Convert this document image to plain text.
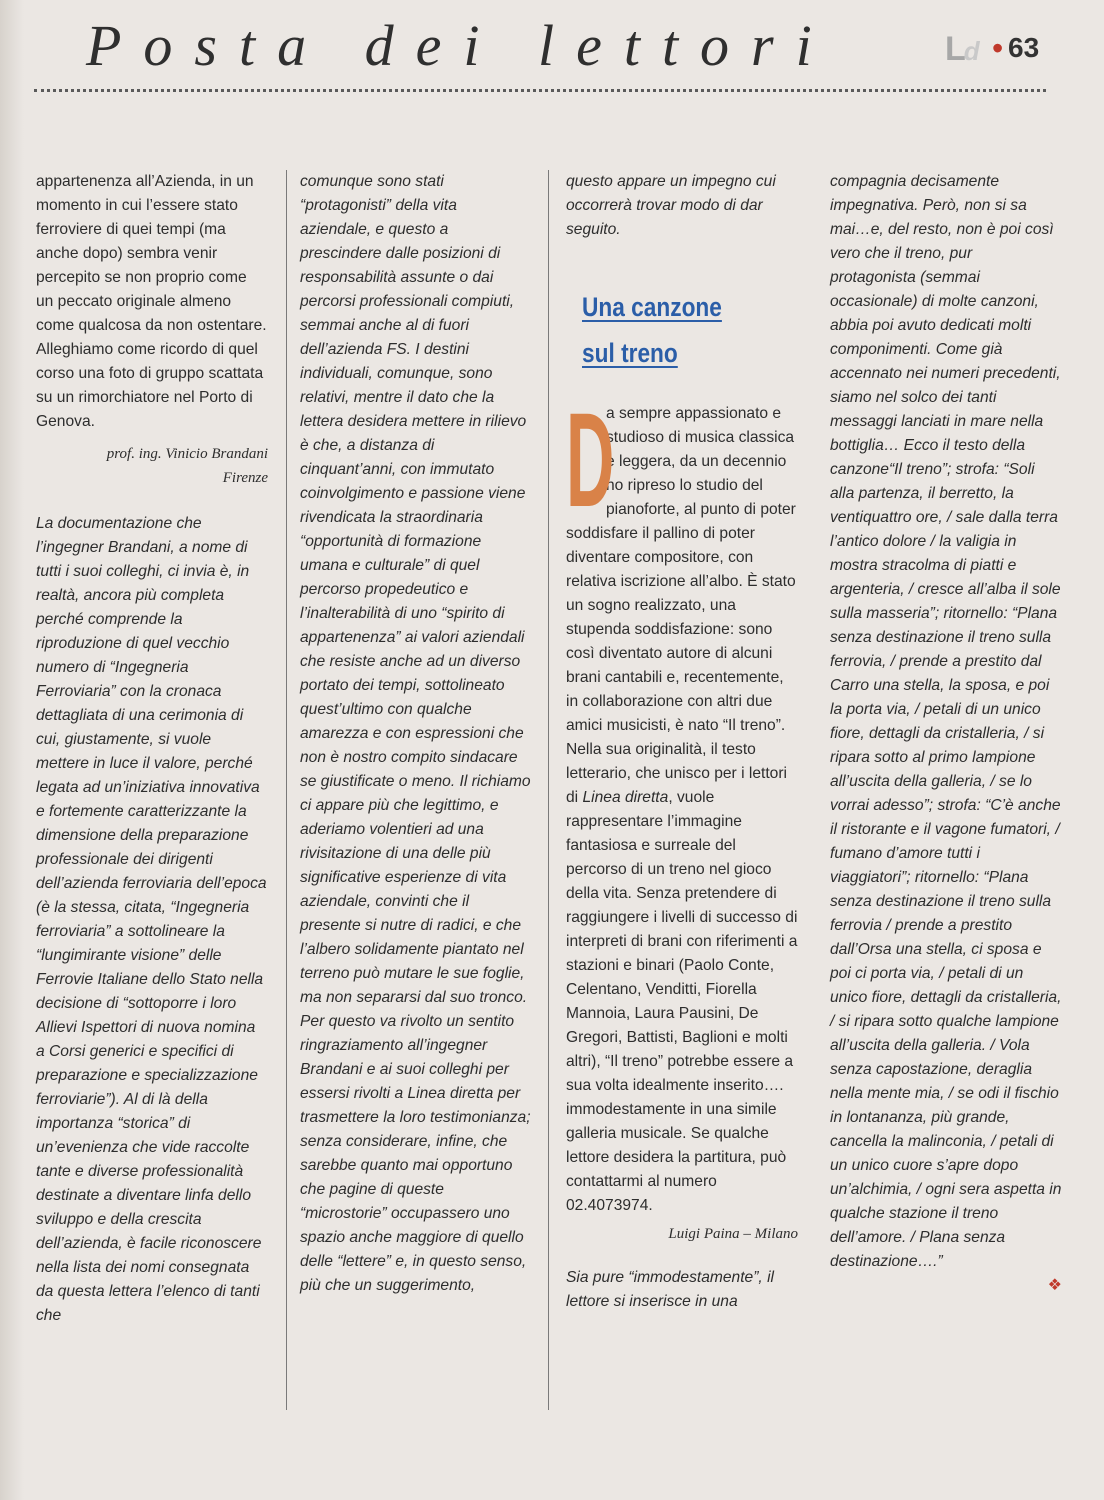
Posta dei lettori	Ld • 63

appartenenza all’Azienda, in un momento in cui l’essere stato ferroviere di quei tempi (ma anche dopo) sembra venir percepito se non proprio come un peccato originale almeno come qualcosa da non ostentare. Alleghiamo come ricordo di quel corso una foto di gruppo scattata su un rimorchiatore nel Porto di Genova.

prof. ing. Vinicio Brandani

Firenze

La documentazione che l’ingegner Brandani, a nome di tutti i suoi colleghi, ci invia è, in realtà, ancora più completa perché comprende la riproduzione di quel vecchio numero di “Ingegneria Ferroviaria” con la cronaca dettagliata di una cerimonia di cui, giustamente, si vuole mettere in luce il valore, perché legata ad un’iniziativa innovativa e fortemente caratterizzante la dimensione della preparazione professionale dei dirigenti dell’azienda ferroviaria dell’epoca (è la stessa, citata, “Ingegneria ferroviaria” a sottolineare la “lungimirante visione” delle Ferrovie Italiane dello Stato nella decisione di “sottoporre i loro Allievi Ispettori di nuova nomina a Corsi generici e specifici di preparazione e specializzazione ferroviarie”). Al di là della importanza “storica” di un’evenienza che vide raccolte tante e diverse professionalità destinate a diventare linfa dello sviluppo e della crescita dell’azienda, è facile riconoscere nella lista dei nomi consegnata da questa lettera l’elenco di tanti che

comunque sono stati “protagonisti” della vita aziendale, e questo a prescindere dalle posizioni di responsabilità assunte o dai percorsi professionali compiuti, semmai anche al di fuori dell’azienda FS. I destini individuali, comunque, sono relativi, mentre il dato che la lettera desidera mettere in rilievo è che, a distanza di cinquant’anni, con immutato coinvolgimento e passione viene rivendicata la straordinaria “opportunità di formazione umana e culturale” di quel percorso propedeutico e l’inalterabilità di uno “spirito di appartenenza” ai valori aziendali che resiste anche ad un diverso portato dei tempi, sottolineato quest’ultimo con qualche amarezza e con espressioni che non è nostro compito sindacare se giustificate o meno. Il richiamo ci appare più che legittimo, e aderiamo volentieri ad una rivisitazione di una delle più significative esperienze di vita aziendale, convinti che il presente si nutre di radici, e che l’albero solidamente piantato nel terreno può mutare le sue foglie, ma non separarsi dal suo tronco. Per questo va rivolto un sentito ringraziamento all’ingegner Brandani e ai suoi colleghi per essersi rivolti a Linea diretta per trasmettere la loro testimonianza; senza considerare, infine, che sarebbe quanto mai opportuno che pagine di queste “microstorie” occupassero uno spazio anche maggiore di quello delle “lettere” e, in questo senso, più che un suggerimento,

questo appare un impegno cui occorrerà trovar modo di dar seguito.

Una canzone
sul treno

D
a sempre appassionato e studioso di musica classica e leggera, da un decennio ho ripreso lo studio del pianoforte, al punto di poter soddisfare il pallino di poter diventare compositore, con relativa iscrizione all’albo. È stato un sogno realizzato, una stupenda soddisfazione: sono così diventato autore di alcuni brani cantabili e, recentemente, in collaborazione con altri due amici musicisti, è nato “Il treno”. Nella sua originalità, il testo letterario, che unisco per i lettori di Linea diretta, vuole rappresentare l’immagine fantasiosa e surreale del percorso di un treno nel gioco della vita. Senza pretendere di raggiungere i livelli di successo di interpreti di brani con riferimenti a stazioni e binari (Paolo Conte, Celentano, Venditti, Fiorella Mannoia, Laura Pausini, De Gregori, Battisti, Baglioni e molti altri), “Il treno” potrebbe essere a sua volta idealmente inserito…. immodestamente in una simile galleria musicale. Se qualche lettore desidera la partitura, può contattarmi al numero 02.4073974.

Luigi Paina – Milano

Sia pure “immodestamente”, il lettore si inserisce in una

compagnia decisamente impegnativa. Però, non si sa mai…e, del resto, non è poi così vero che il treno, pur protagonista (semmai occasionale) di molte canzoni, abbia poi avuto dedicati molti componimenti. Come già accennato nei numeri precedenti, siamo nel solco dei tanti messaggi lanciati in mare nella bottiglia… Ecco il testo della canzone“Il treno”; strofa: “Soli alla partenza, il berretto, la ventiquattro ore, / sale dalla terra l’antico dolore / la valigia in mostra stracolma di piatti e argenteria, / cresce all’alba il sole sulla masseria”; ritornello: “Plana senza destinazione il treno sulla ferrovia, / prende a prestito dal Carro una stella, la sposa, e poi la porta via, / petali di un unico fiore, dettagli da cristalleria, / si ripara sotto al primo lampione all’uscita della galleria, / se lo vorrai adesso”; strofa: “C’è anche il ristorante e il vagone fumatori, / fumano d’amore tutti i viaggiatori”; ritornello: “Plana senza destinazione il treno sulla ferrovia / prende a prestito dall’Orsa una stella, ci sposa e poi ci porta via, / petali di un unico fiore, dettagli da cristalleria, / si ripara sotto qualche lampione all’uscita della galleria. / Vola senza capostazione, deraglia nella mente mia, / se odi il fischio in lontananza, più grande, cancella la malinconia, / petali di un unico cuore s’apre dopo un’alchimia, / ogni sera aspetta in qualche stazione il treno dell’amore. / Plana senza destinazione….”

❖
